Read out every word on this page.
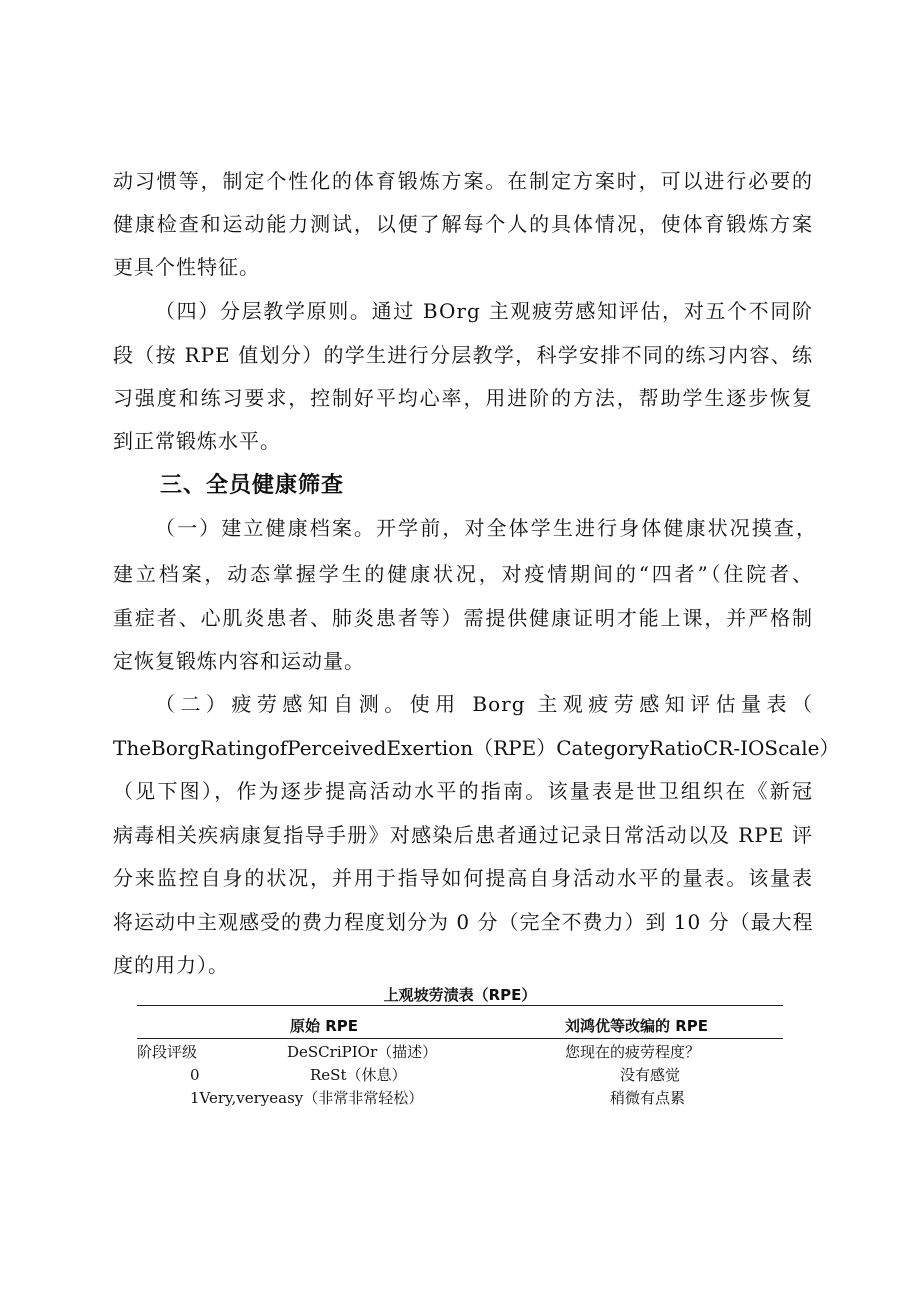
动习惯等，制定个性化的体育锻炼方案。在制定方案时，可以进行必要的
健康检查和运动能力测试，以便了解每个人的具体情况，使体育锻炼方案
更具个性特征。
（四）分层教学原则。通过 BOrg 主观疲劳感知评估，对五个不同阶
段（按 RPE 值划分）的学生进行分层教学，科学安排不同的练习内容、练
习强度和练习要求，控制好平均心率，用进阶的方法，帮助学生逐步恢复
到正常锻炼水平。
三、全员健康筛查
（一）建立健康档案。开学前，对全体学生进行身体健康状况摸查，
建立档案，动态掌握学生的健康状况，对疫情期间的“四者”（住院者、
重症者、心肌炎患者、肺炎患者等）需提供健康证明才能上课，并严格制
定恢复锻炼内容和运动量。
（二）疲劳感知自测。使用 Borg 主观疲劳感知评估量表（
TheBorgRatingofPerceivedExertion（RPE）CategoryRatioCR-IOScale）
（见下图），作为逐步提高活动水平的指南。该量表是世卫组织在《新冠
病毒相关疾病康复指导手册》对感染后患者通过记录日常活动以及 RPE 评
分来监控自身的状况，并用于指导如何提高自身活动水平的量表。该量表
将运动中主观感受的费力程度划分为 0 分（完全不费力）到 10 分（最大程
度的用力）。
上观坡劳渍表（RPE）
原始 RPE	刘鸿优等改编的 RPE
阶段评级	DeSCriPIOr（描述）	您现在的疲劳程度？
0	ReSt（休息）	没有感觉
1Very,veryeasy（非常非常轻松）	稍微有点累
